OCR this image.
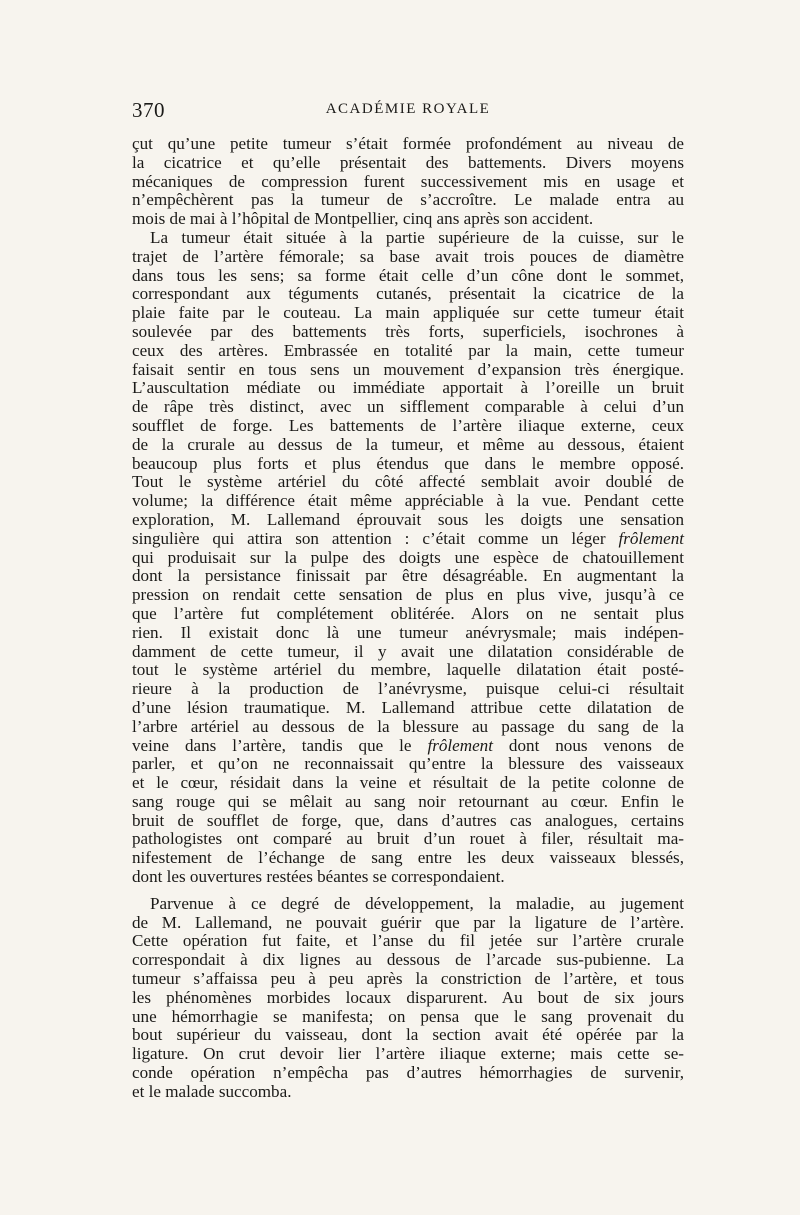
370	ACADÉMIE ROYALE
çut qu’une petite tumeur s’était formée profondément au niveau de
la cicatrice et qu’elle présentait des battements. Divers moyens
mécaniques de compression furent successivement mis en usage et
n’empêchèrent pas la tumeur de s’accroître. Le malade entra au
mois de mai à l’hôpital de Montpellier, cinq ans après son accident.
La tumeur était située à la partie supérieure de la cuisse, sur le
trajet de l’artère fémorale; sa base avait trois pouces de diamètre
dans tous les sens; sa forme était celle d’un cône dont le sommet,
correspondant aux téguments cutanés, présentait la cicatrice de la
plaie faite par le couteau. La main appliquée sur cette tumeur était
soulevée par des battements très forts, superficiels, isochrones à
ceux des artères. Embrassée en totalité par la main, cette tumeur
faisait sentir en tous sens un mouvement d’expansion très énergique.
L’auscultation médiate ou immédiate apportait à l’oreille un bruit
de râpe très distinct, avec un sifflement comparable à celui d’un
soufflet de forge. Les battements de l’artère iliaque externe, ceux
de la crurale au dessus de la tumeur, et même au dessous, étaient
beaucoup plus forts et plus étendus que dans le membre opposé.
Tout le système artériel du côté affecté semblait avoir doublé de
volume; la différence était même appréciable à la vue. Pendant cette
exploration, M. Lallemand éprouvait sous les doigts une sensation
singulière qui attira son attention : c’était comme un léger frôlement
qui produisait sur la pulpe des doigts une espèce de chatouillement
dont la persistance finissait par être désagréable. En augmentant la
pression on rendait cette sensation de plus en plus vive, jusqu’à ce
que l’artère fut complétement oblitérée. Alors on ne sentait plus
rien. Il existait donc là une tumeur anévrysmale; mais indépen-
damment de cette tumeur, il y avait une dilatation considérable de
tout le système artériel du membre, laquelle dilatation était posté-
rieure à la production de l’anévrysme, puisque celui-ci résultait
d’une lésion traumatique. M. Lallemand attribue cette dilatation de
l’arbre artériel au dessous de la blessure au passage du sang de la
veine dans l’artère, tandis que le frôlement dont nous venons de
parler, et qu’on ne reconnaissait qu’entre la blessure des vaisseaux
et le cœur, résidait dans la veine et résultait de la petite colonne de
sang rouge qui se mêlait au sang noir retournant au cœur. Enfin le
bruit de soufflet de forge, que, dans d’autres cas analogues, certains
pathologistes ont comparé au bruit d’un rouet à filer, résultait ma-
nifestement de l’échange de sang entre les deux vaisseaux blessés,
dont les ouvertures restées béantes se correspondaient.
Parvenue à ce degré de développement, la maladie, au jugement
de M. Lallemand, ne pouvait guérir que par la ligature de l’artère.
Cette opération fut faite, et l’anse du fil jetée sur l’artère crurale
correspondait à dix lignes au dessous de l’arcade sus-pubienne. La
tumeur s’affaissa peu à peu après la constriction de l’artère, et tous
les phénomènes morbides locaux disparurent. Au bout de six jours
une hémorrhagie se manifesta; on pensa que le sang provenait du
bout supérieur du vaisseau, dont la section avait été opérée par la
ligature. On crut devoir lier l’artère iliaque externe; mais cette se-
conde opération n’empêcha pas d’autres hémorrhagies de survenir,
et le malade succomba.
